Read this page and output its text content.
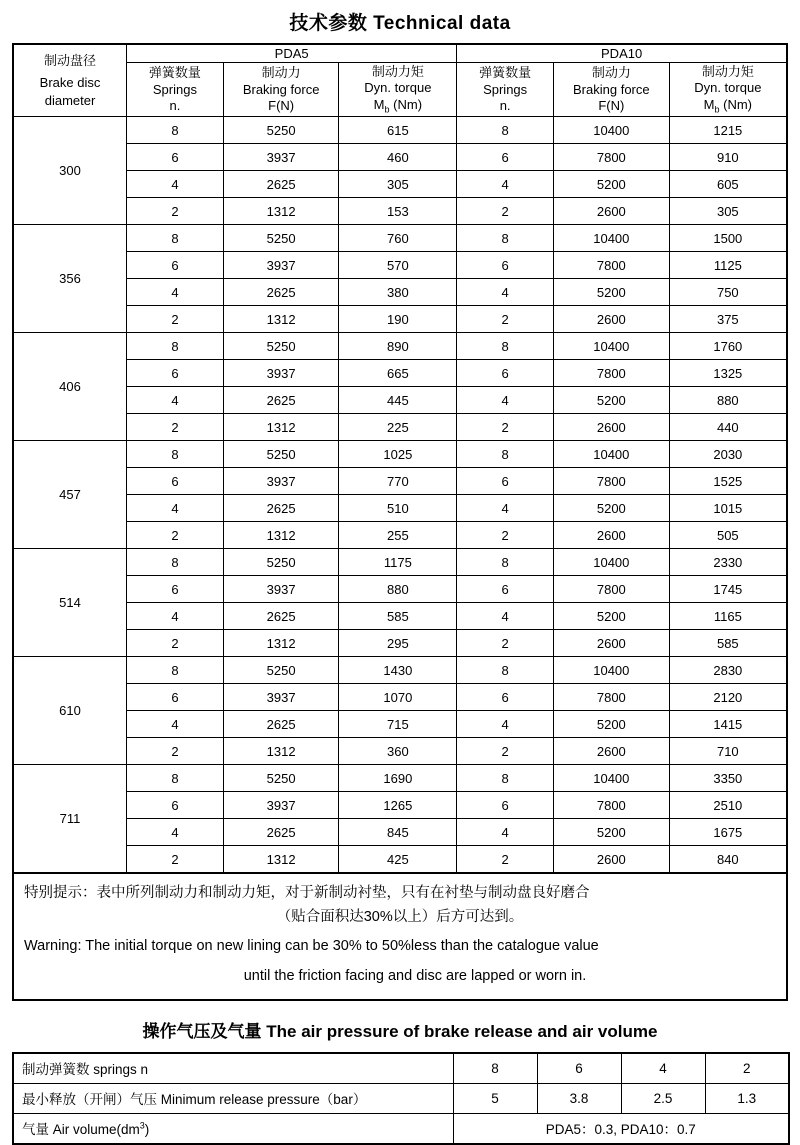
技术参数 Technical data
制动盘径
Brake disc
diameter	PDA5			PDA10		

弹簧数量
Springs
n.

制动力
Braking force
F(N)

制动力矩
Dyn. torque
$M_b$ (Nm)

弹簧数量
Springs
n.

制动力
Braking force
F(N)

制动力矩
Dyn. torque
$M_b$ (Nm)

300	8	5250	615	8	10400	1215
	6	3937	460	6	7800	910
	4	2625	305	4	5200	605
	2	1312	153	2	2600	305
356	8	5250	760	8	10400	1500
	6	3937	570	6	7800	1125
	4	2625	380	4	5200	750
	2	1312	190	2	2600	375
406	8	5250	890	8	10400	1760
	6	3937	665	6	7800	1325
	4	2625	445	4	5200	880
	2	1312	225	2	2600	440
457	8	5250	1025	8	10400	2030
	6	3937	770	6	7800	1525
	4	2625	510	4	5200	1015
	2	1312	255	2	2600	505
514	8	5250	1175	8	10400	2330
	6	3937	880	6	7800	1745
	4	2625	585	4	5200	1165
	2	1312	295	2	2600	585
610	8	5250	1430	8	10400	2830
	6	3937	1070	6	7800	2120
	4	2625	715	4	5200	1415
	2	1312	360	2	2600	710
711	8	5250	1690	8	10400	3350
	6	3937	1265	6	7800	2510
	4	2625	845	4	5200	1675
	2	1312	425	2	2600	840
特别提示：表中所列制动力和制动力矩，对于新制动衬垫，只有在衬垫与制动盘良好磨合
（贴合面积达30%以上）后方可达到。
Warning: The initial torque on new lining can be 30% to 50%less than the catalogue value
until the friction facing and disc are lapped or worn in.
操作气压及气量 The air pressure of brake release and air volume
制动弹簧数 springs n	8	6	4	2
最小释放（开闸）气压 Minimum release pressure（bar）	5	3.8	2.5	1.3
气量 Air $volume(dm^3)$	PDA5：0.3, PDA10：0.7			
